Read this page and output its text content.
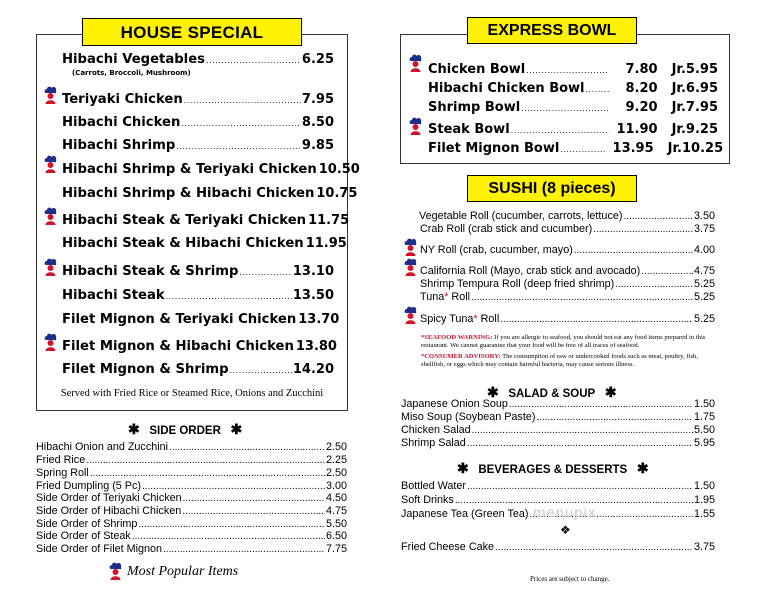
HOUSE SPECIAL
Hibachi Vegetables .....	6.25
(Carrots, Broccoli, Mushroom)
Teriyaki Chicken .....	7.95
Hibachi Chicken .....	8.50
Hibachi Shrimp .....	9.85
Hibachi Shrimp & Teriyaki Chicken 10.50
Hibachi Shrimp & Hibachi Chicken 10.75
Hibachi Steak & Teriyaki Chicken 11.75
Hibachi Steak & Hibachi Chicken 11.95
Hibachi Steak & Shrimp .....	13.10
Hibachi Steak .....	13.50
Filet Mignon & Teriyaki Chicken 13.70
Filet Mignon & Hibachi Chicken 13.80
Filet Mignon & Shrimp .....	14.20
Served with Fried Rice or Steamed Rice, Onions and Zucchini
✱ SIDE ORDER ✱
Hibachi Onion and Zucchini .....	2.50
Fried Rice .....	2.25
Spring Roll .....	2.50
Fried Dumpling (5 Pc) .....	3.00
Side Order of Teriyaki Chicken .....	4.50
Side Order of Hibachi Chicken .....	4.75
Side Order of Shrimp .....	5.50
Side Order of Steak .....	6.50
Side Order of Filet Mignon .....	7.75
Most Popular Items
EXPRESS BOWL
Chicken Bowl .....	7.80 Jr. 5.95
Hibachi Chicken Bowl .....	8.20 Jr. 6.95
Shrimp Bowl .....	9.20 Jr. 7.95
Steak Bowl .....	11.90 Jr. 9.25
Filet Mignon Bowl .....	13.95 Jr. 10.25
SUSHI (8 pieces)
Vegetable Roll (cucumber, carrots, lettuce) .....	3.50
Crab Roll (crab stick and cucumber) .....	3.75
NY Roll (crab, cucumber, mayo) .....	4.00
California Roll (Mayo, crab stick and avocado) .....	4.75
Shrimp Tempura Roll (deep fried shrimp) .....	5.25
Tuna* Roll .....	5.25
Spicy Tuna* Roll .....	5.25
*SEAFOOD WARNING: If you are allergic to seafood, you should not eat any food items prepared in this restaurant. We cannot guarantee that your food will be free of all traces of seafood.
*CONSUMER ADVISORY: The consumption of raw or undercooked foods such as meat, poultry, fish, shellfish, or eggs which may contain harmful bacteria, may cause serious illness.
✱ SALAD & SOUP ✱
Japanese Onion Soup .....	1.50
Miso Soup (Soybean Paste) .....	1.75
Chicken Salad .....	5.50
Shrimp Salad .....	5.95
✱ BEVERAGES & DESSERTS ✱
Bottled Water .....	1.50
Soft Drinks .....	1.95
Japanese Tea (Green Tea) .....	1.55
menupix
❖
Fried Cheese Cake .....	3.75
Prices are subject to change.
